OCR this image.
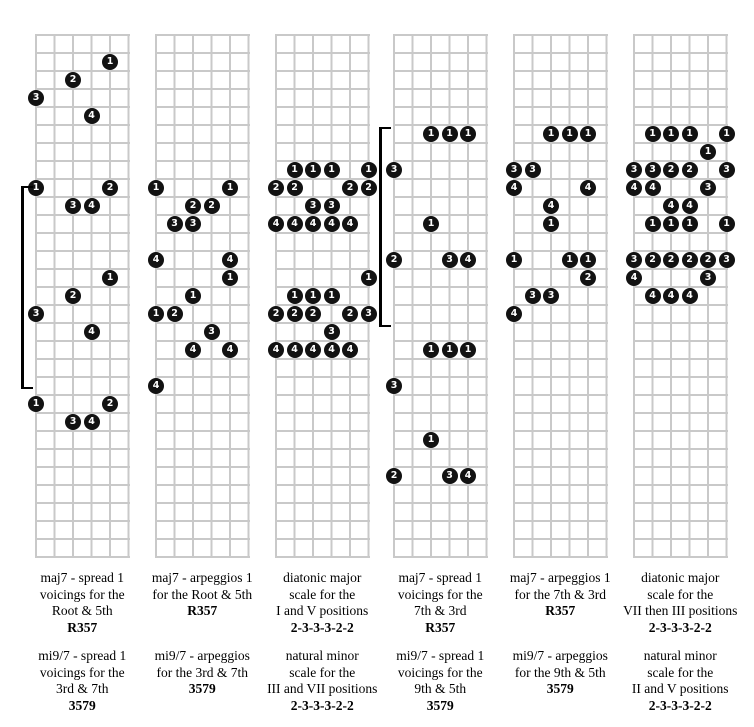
1
2
3
4
1	2
3	4
1
2
3
4
1	2
3	4
1	1
2	2
3	3
4	4
1
1
1	2
3
4	4
4
1	1	1	1
2	2	2	2
3	3
4	4	4	4	4
1
1	1	1
2	2	2	2	3
3
4	4	4	4	4
1	1	1
3
1
2	3	4
1	1	1
3
1
2	3	4
1	1	1
3	3
4	4
4
1
1	1	1
2
3	3
4
1	1	1	1
1
3	3	2	2	3
4	4	3
4	4
1	1	1	1
3	2	2	2	2	3
4	3
4	4	4
maj7 - spread 1
voicings for the
Root & 5th
R357
maj7 - arpeggios 1
for the Root & 5th
R357
diatonic major
scale for the
I and V positions
2-3-3-3-2-2
maj7 - spread 1
voicings for the
7th & 3rd
R357
maj7 - arpeggios 1
for the 7th & 3rd
R357
diatonic major
scale for the
VII then III positions
2-3-3-3-2-2
mi9/7 - spread 1
voicings for the
3rd & 7th
3579
mi9/7 - arpeggios
for the 3rd & 7th
3579
natural minor
scale for the
III and VII positions
2-3-3-3-2-2
mi9/7 - spread 1
voicings for the
9th & 5th
3579
mi9/7 - arpeggios
for the 9th & 5th
3579
natural minor
scale for the
II and V positions
2-3-3-3-2-2
